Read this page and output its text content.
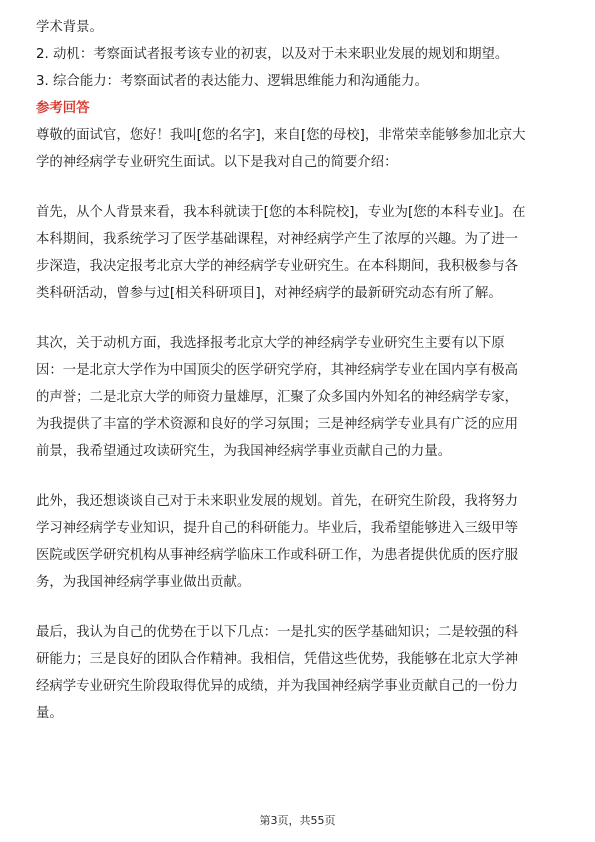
学术背景。

2. 动机：考察面试者报考该专业的初衷，以及对于未来职业发展的规划和期望。

3. 综合能力：考察面试者的表达能力、逻辑思维能力和沟通能力。

参考回答

尊敬的面试官，您好！我叫[您的名字]，来自[您的母校]，非常荣幸能够参加北京大

学的神经病学专业研究生面试。以下是我对自己的简要介绍：

首先，从个人背景来看，我本科就读于[您的本科院校]，专业为[您的本科专业]。在

本科期间，我系统学习了医学基础课程，对神经病学产生了浓厚的兴趣。为了进一

步深造，我决定报考北京大学的神经病学专业研究生。在本科期间，我积极参与各

类科研活动，曾参与过[相关科研项目]，对神经病学的最新研究动态有所了解。

其次，关于动机方面，我选择报考北京大学的神经病学专业研究生主要有以下原

因：一是北京大学作为中国顶尖的医学研究学府，其神经病学专业在国内享有极高

的声誉；二是北京大学的师资力量雄厚，汇聚了众多国内外知名的神经病学专家，

为我提供了丰富的学术资源和良好的学习氛围；三是神经病学专业具有广泛的应用

前景，我希望通过攻读研究生，为我国神经病学事业贡献自己的力量。

此外，我还想谈谈自己对于未来职业发展的规划。首先，在研究生阶段，我将努力

学习神经病学专业知识，提升自己的科研能力。毕业后，我希望能够进入三级甲等

医院或医学研究机构从事神经病学临床工作或科研工作，为患者提供优质的医疗服

务，为我国神经病学事业做出贡献。

最后，我认为自己的优势在于以下几点：一是扎实的医学基础知识；二是较强的科

研能力；三是良好的团队合作精神。我相信，凭借这些优势，我能够在北京大学神

经病学专业研究生阶段取得优异的成绩，并为我国神经病学事业贡献自己的一份力

量。

第3页，共55页
